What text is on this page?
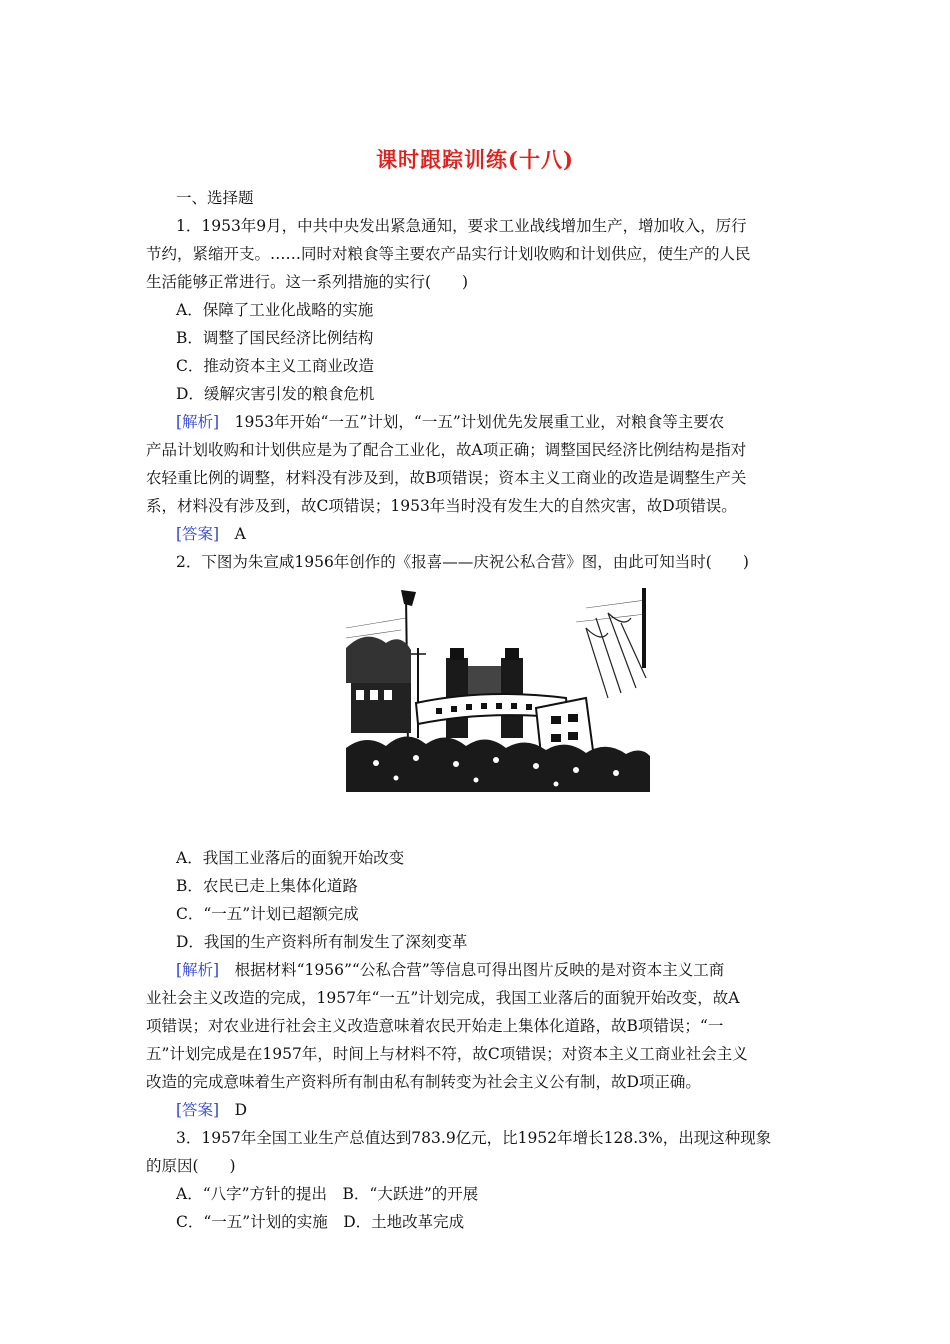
课时跟踪训练(十八)

一、选择题

1．1953年9月，中共中央发出紧急通知，要求工业战线增加生产，增加收入，厉行

节约，紧缩开支。……同时对粮食等主要农产品实行计划收购和计划供应，使生产的人民

生活能够正常进行。这一系列措施的实行(　　)

A．保障了工业化战略的实施

B．调整了国民经济比例结构

C．推动资本主义工商业改造

D．缓解灾害引发的粮食危机

[解析]　1953年开始“一五”计划，“一五”计划优先发展重工业，对粮食等主要农

产品计划收购和计划供应是为了配合工业化，故A项正确；调整国民经济比例结构是指对

农轻重比例的调整，材料没有涉及到，故B项错误；资本主义工商业的改造是调整生产关

系，材料没有涉及到，故C项错误；1953年当时没有发生大的自然灾害，故D项错误。

[答案]　A

2．下图为朱宣咸1956年创作的《报喜——庆祝公私合营》图，由此可知当时(　　)

A．我国工业落后的面貌开始改变

B．农民已走上集体化道路

C．“一五”计划已超额完成

D．我国的生产资料所有制发生了深刻变革

[解析]　根据材料“1956”“公私合营”等信息可得出图片反映的是对资本主义工商

业社会主义改造的完成，1957年“一五”计划完成，我国工业落后的面貌开始改变，故A

项错误；对农业进行社会主义改造意味着农民开始走上集体化道路，故B项错误；“一

五”计划完成是在1957年，时间上与材料不符，故C项错误；对资本主义工商业社会主义

改造的完成意味着生产资料所有制由私有制转变为社会主义公有制，故D项正确。

[答案]　D

3．1957年全国工业生产总值达到783.9亿元，比1952年增长128.3%，出现这种现象

的原因(　　)

A．“八字”方针的提出　B．“大跃进”的开展

C．“一五”计划的实施　D．土地改革完成
